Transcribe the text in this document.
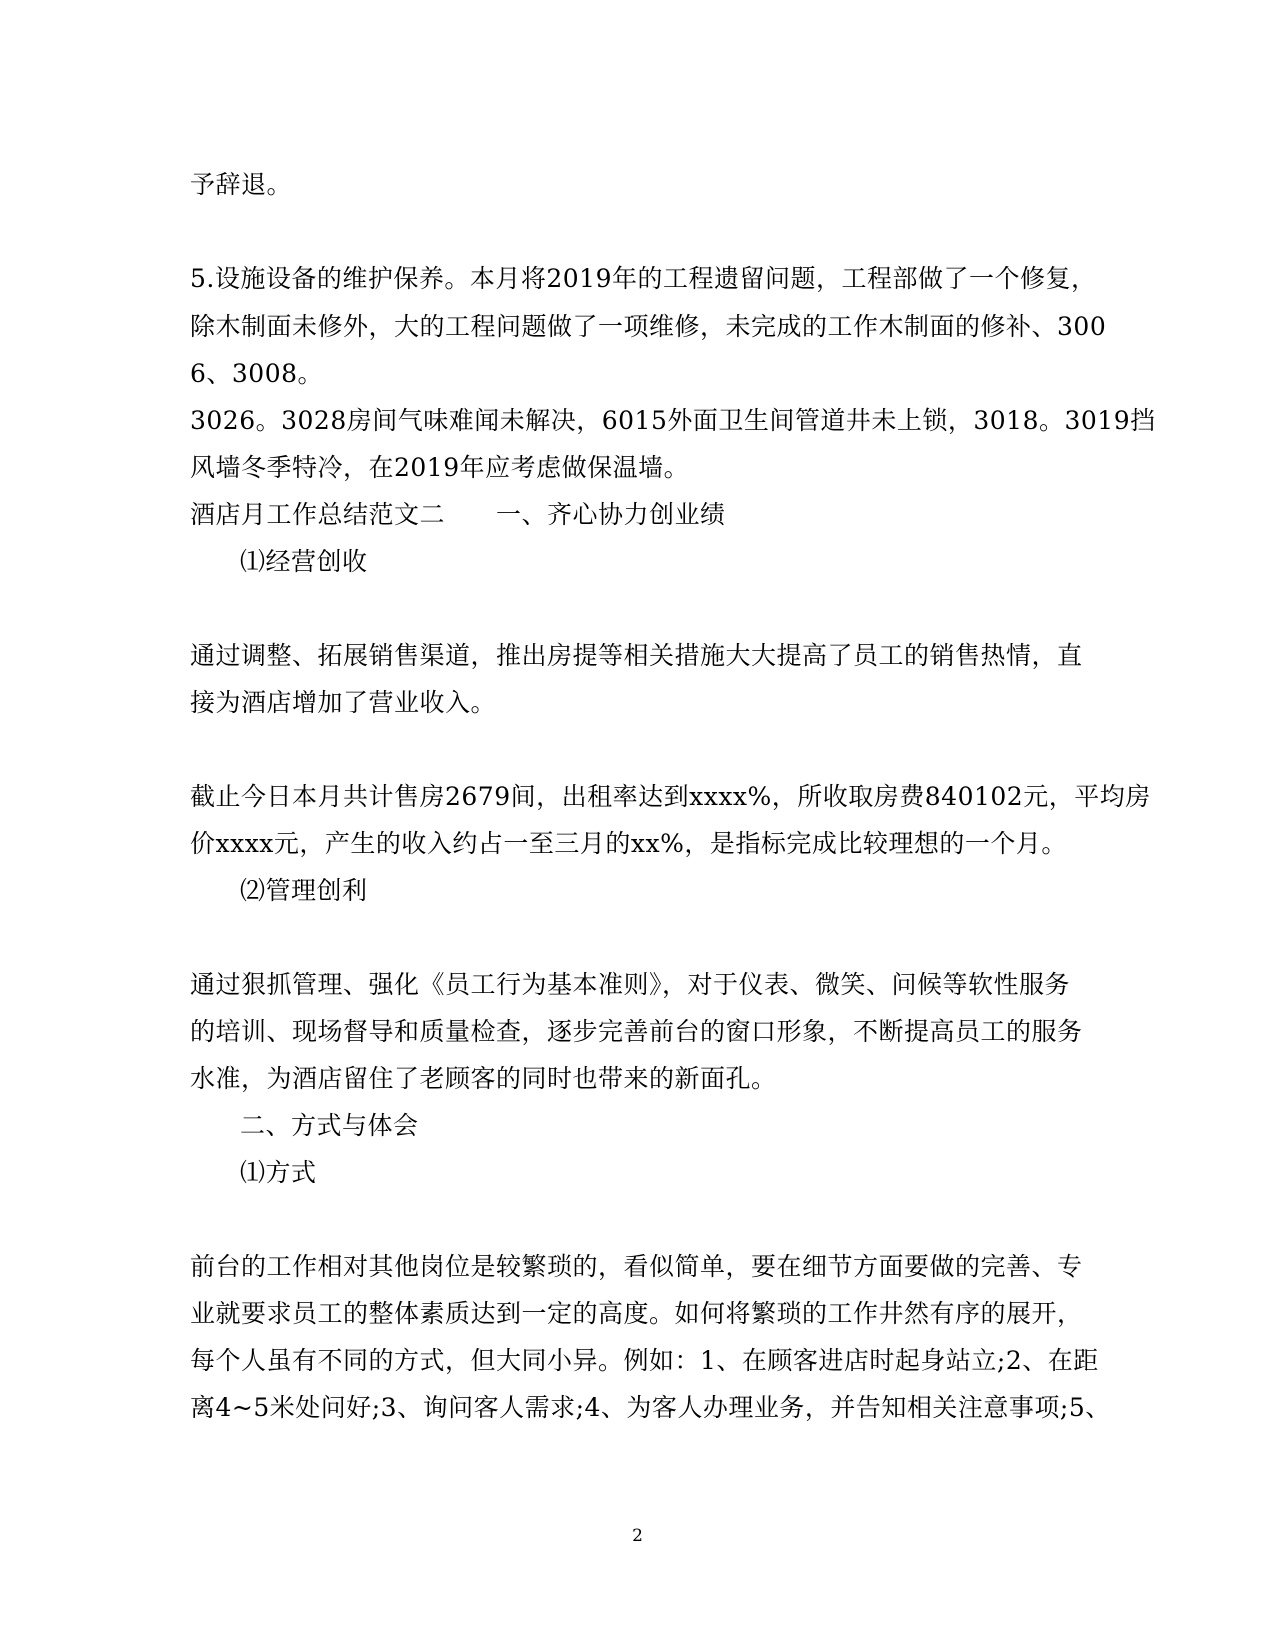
予辞退。
5.设施设备的维护保养。本月将2019年的工程遗留问题，工程部做了一个修复，
除木制面未修外，大的工程问题做了一项维修，未完成的工作木制面的修补、300
6、3008。
3026。3028房间气味难闻未解决，6015外面卫生间管道井未上锁，3018。3019挡
风墙冬季特冷，在2019年应考虑做保温墙。
酒店月工作总结范文二　　一、齐心协力创业绩
⑴经营创收
通过调整、拓展销售渠道，推出房提等相关措施大大提高了员工的销售热情，直
接为酒店增加了营业收入。
截止今日本月共计售房2679间，出租率达到xxxx%，所收取房费840102元，平均房
价xxxx元，产生的收入约占一至三月的xx%，是指标完成比较理想的一个月。
⑵管理创利
通过狠抓管理、强化《员工行为基本准则》，对于仪表、微笑、问候等软性服务
的培训、现场督导和质量检查，逐步完善前台的窗口形象，不断提高员工的服务
水准，为酒店留住了老顾客的同时也带来的新面孔。
二、方式与体会
⑴方式
前台的工作相对其他岗位是较繁琐的，看似简单，要在细节方面要做的完善、专
业就要求员工的整体素质达到一定的高度。如何将繁琐的工作井然有序的展开，
每个人虽有不同的方式，但大同小异。例如：1、在顾客进店时起身站立;2、在距
离4~5米处问好;3、询问客人需求;4、为客人办理业务，并告知相关注意事项;5、
2
